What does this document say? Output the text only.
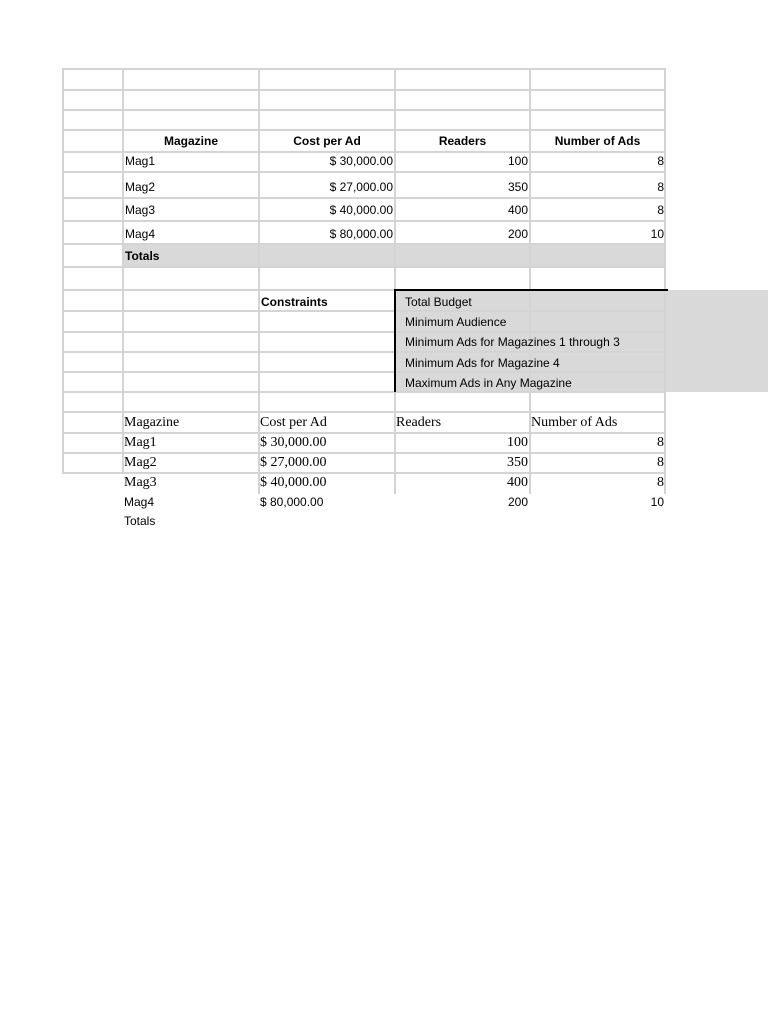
Magazine	Cost per Ad	Readers	Number of Ads
Mag1	$ 30,000.00	100	8
Mag2	$ 27,000.00	350	8
Mag3	$ 40,000.00	400	8
Mag4	$ 80,000.00	200	10
Totals
Constraints	Total Budget
Minimum Audience
Minimum Ads for Magazines 1 through 3
Minimum Ads for Magazine 4
Maximum Ads in Any Magazine
Magazine	Cost per Ad	Readers	Number of Ads
Mag1	$ 30,000.00	100	8
Mag2	$ 27,000.00	350	8
Mag3	$ 40,000.00	400	8
Mag4	$ 80,000.00	200	10
Totals
